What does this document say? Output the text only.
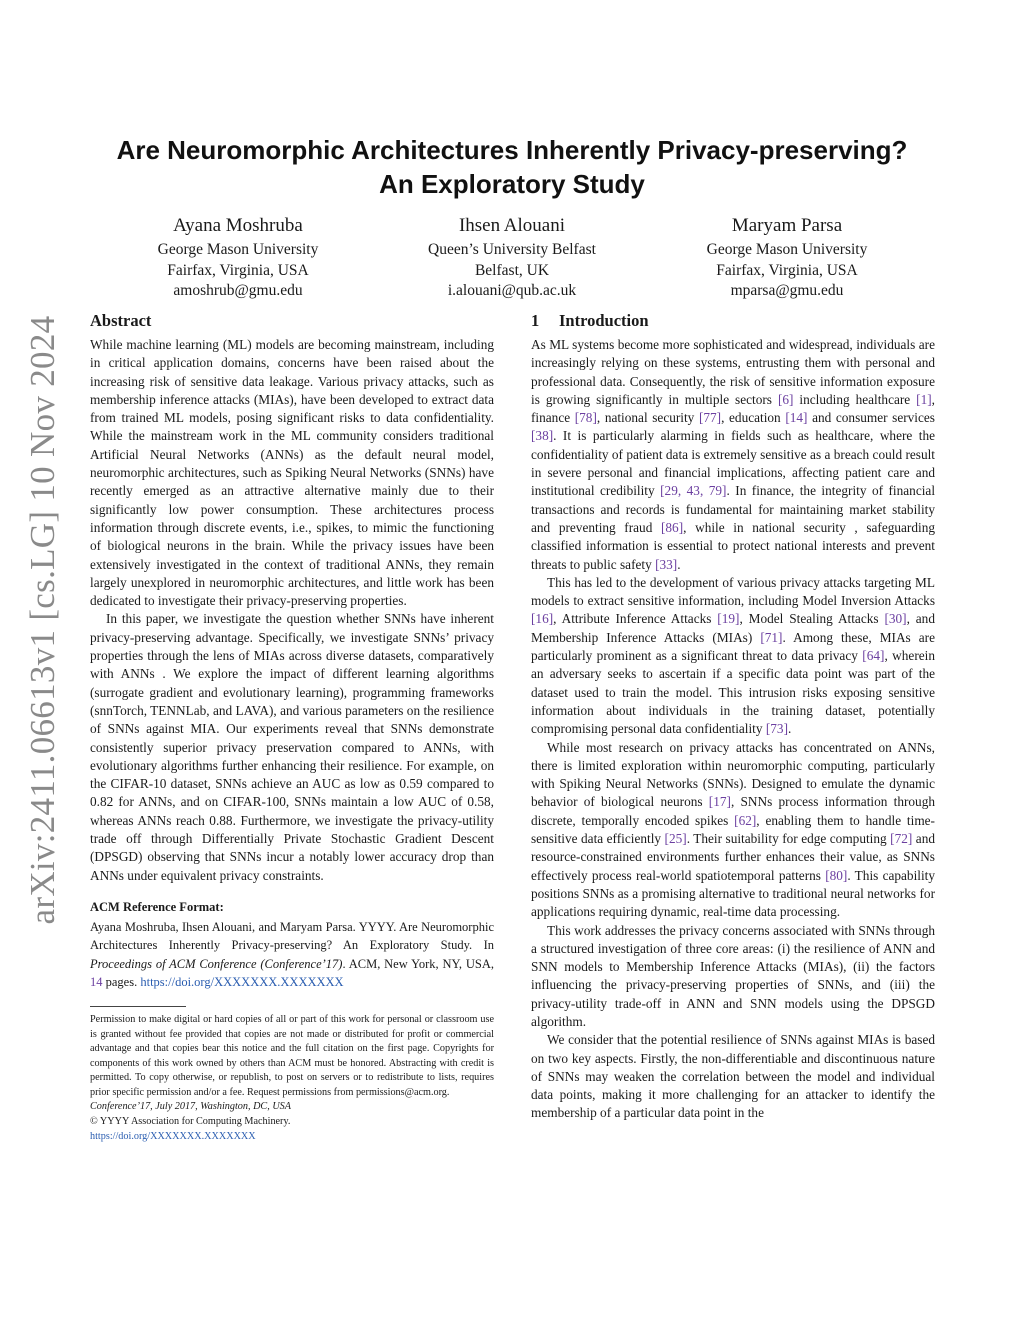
arXiv:2411.06613v1 [cs.LG] 10 Nov 2024
Are Neuromorphic Architectures Inherently Privacy-preserving?
An Exploratory Study
Ayana Moshruba
George Mason University
Fairfax, Virginia, USA
amoshrub@gmu.edu
Ihsen Alouani
Queen’s University Belfast
Belfast, UK
i.alouani@qub.ac.uk
Maryam Parsa
George Mason University
Fairfax, Virginia, USA
mparsa@gmu.edu
Abstract

While machine learning (ML) models are becoming mainstream, including in critical application domains, concerns have been raised about the increasing risk of sensitive data leakage. Various privacy attacks, such as membership inference attacks (MIAs), have been developed to extract data from trained ML models, posing significant risks to data confidentiality. While the mainstream work in the ML community considers traditional Artificial Neural Networks (ANNs) as the default neural model, neuromorphic architectures, such as Spiking Neural Networks (SNNs) have recently emerged as an attractive alternative mainly due to their significantly low power consumption. These architectures process information through discrete events, i.e., spikes, to mimic the functioning of biological neurons in the brain. While the privacy issues have been extensively investigated in the context of traditional ANNs, they remain largely unexplored in neuromorphic architectures, and little work has been dedicated to investigate their privacy-preserving properties.

In this paper, we investigate the question whether SNNs have inherent privacy-preserving advantage. Specifically, we investigate SNNs’ privacy properties through the lens of MIAs across diverse datasets, comparatively with ANNs . We explore the impact of different learning algorithms (surrogate gradient and evolutionary learning), programming frameworks (snnTorch, TENNLab, and LAVA), and various parameters on the resilience of SNNs against MIA. Our experiments reveal that SNNs demonstrate consistently superior privacy preservation compared to ANNs, with evolutionary algorithms further enhancing their resilience. For example, on the CIFAR-10 dataset, SNNs achieve an AUC as low as 0.59 compared to 0.82 for ANNs, and on CIFAR-100, SNNs maintain a low AUC of 0.58, whereas ANNs reach 0.88. Furthermore, we investigate the privacy-utility trade off through Differentially Private Stochastic Gradient Descent (DPSGD) observing that SNNs incur a notably lower accuracy drop than ANNs under equivalent privacy constraints.

ACM Reference Format:

Ayana Moshruba, Ihsen Alouani, and Maryam Parsa. YYYY. Are Neuromorphic Architectures Inherently Privacy-preserving? An Exploratory Study. In Proceedings of ACM Conference (Conference’17). ACM, New York, NY, USA, 14 pages. https://doi.org/XXXXXXX.XXXXXXX

Permission to make digital or hard copies of all or part of this work for personal or classroom use is granted without fee provided that copies are not made or distributed for profit or commercial advantage and that copies bear this notice and the full citation on the first page. Copyrights for components of this work owned by others than ACM must be honored. Abstracting with credit is permitted. To copy otherwise, or republish, to post on servers or to redistribute to lists, requires prior specific permission and/or a fee. Request permissions from permissions@acm.org.

Conference’17, July 2017, Washington, DC, USA

© YYYY Association for Computing Machinery.

https://doi.org/XXXXXXX.XXXXXXX

1 Introduction

As ML systems become more sophisticated and widespread, individuals are increasingly relying on these systems, entrusting them with personal and professional data. Consequently, the risk of sensitive information exposure is growing significantly in multiple sectors [6] including healthcare [1], finance [78], national security [77], education [14] and consumer services [38]. It is particularly alarming in fields such as healthcare, where the confidentiality of patient data is extremely sensitive as a breach could result in severe personal and financial implications, affecting patient care and institutional credibility [29, 43, 79]. In finance, the integrity of financial transactions and records is fundamental for maintaining market stability and preventing fraud [86], while in national security , safeguarding classified information is essential to protect national interests and prevent threats to public safety [33].

This has led to the development of various privacy attacks targeting ML models to extract sensitive information, including Model Inversion Attacks [16], Attribute Inference Attacks [19], Model Stealing Attacks [30], and Membership Inference Attacks (MIAs) [71]. Among these, MIAs are particularly prominent as a significant threat to data privacy [64], wherein an adversary seeks to ascertain if a specific data point was part of the dataset used to train the model. This intrusion risks exposing sensitive information about individuals in the training dataset, potentially compromising personal data confidentiality [73].

While most research on privacy attacks has concentrated on ANNs, there is limited exploration within neuromorphic computing, particularly with Spiking Neural Networks (SNNs). Designed to emulate the dynamic behavior of biological neurons [17], SNNs process information through discrete, temporally encoded spikes [62], enabling them to handle time-sensitive data efficiently [25]. Their suitability for edge computing [72] and resource-constrained environments further enhances their value, as SNNs effectively process real-world spatiotemporal patterns [80]. This capability positions SNNs as a promising alternative to traditional neural networks for applications requiring dynamic, real-time data processing.

This work addresses the privacy concerns associated with SNNs through a structured investigation of three core areas: (i) the resilience of ANN and SNN models to Membership Inference Attacks (MIAs), (ii) the factors influencing the privacy-preserving properties of SNNs, and (iii) the privacy-utility trade-off in ANN and SNN models using the DPSGD algorithm.

We consider that the potential resilience of SNNs against MIAs is based on two key aspects. Firstly, the non-differentiable and discontinuous nature of SNNs may weaken the correlation between the model and individual data points, making it more challenging for an attacker to identify the membership of a particular data point in the
